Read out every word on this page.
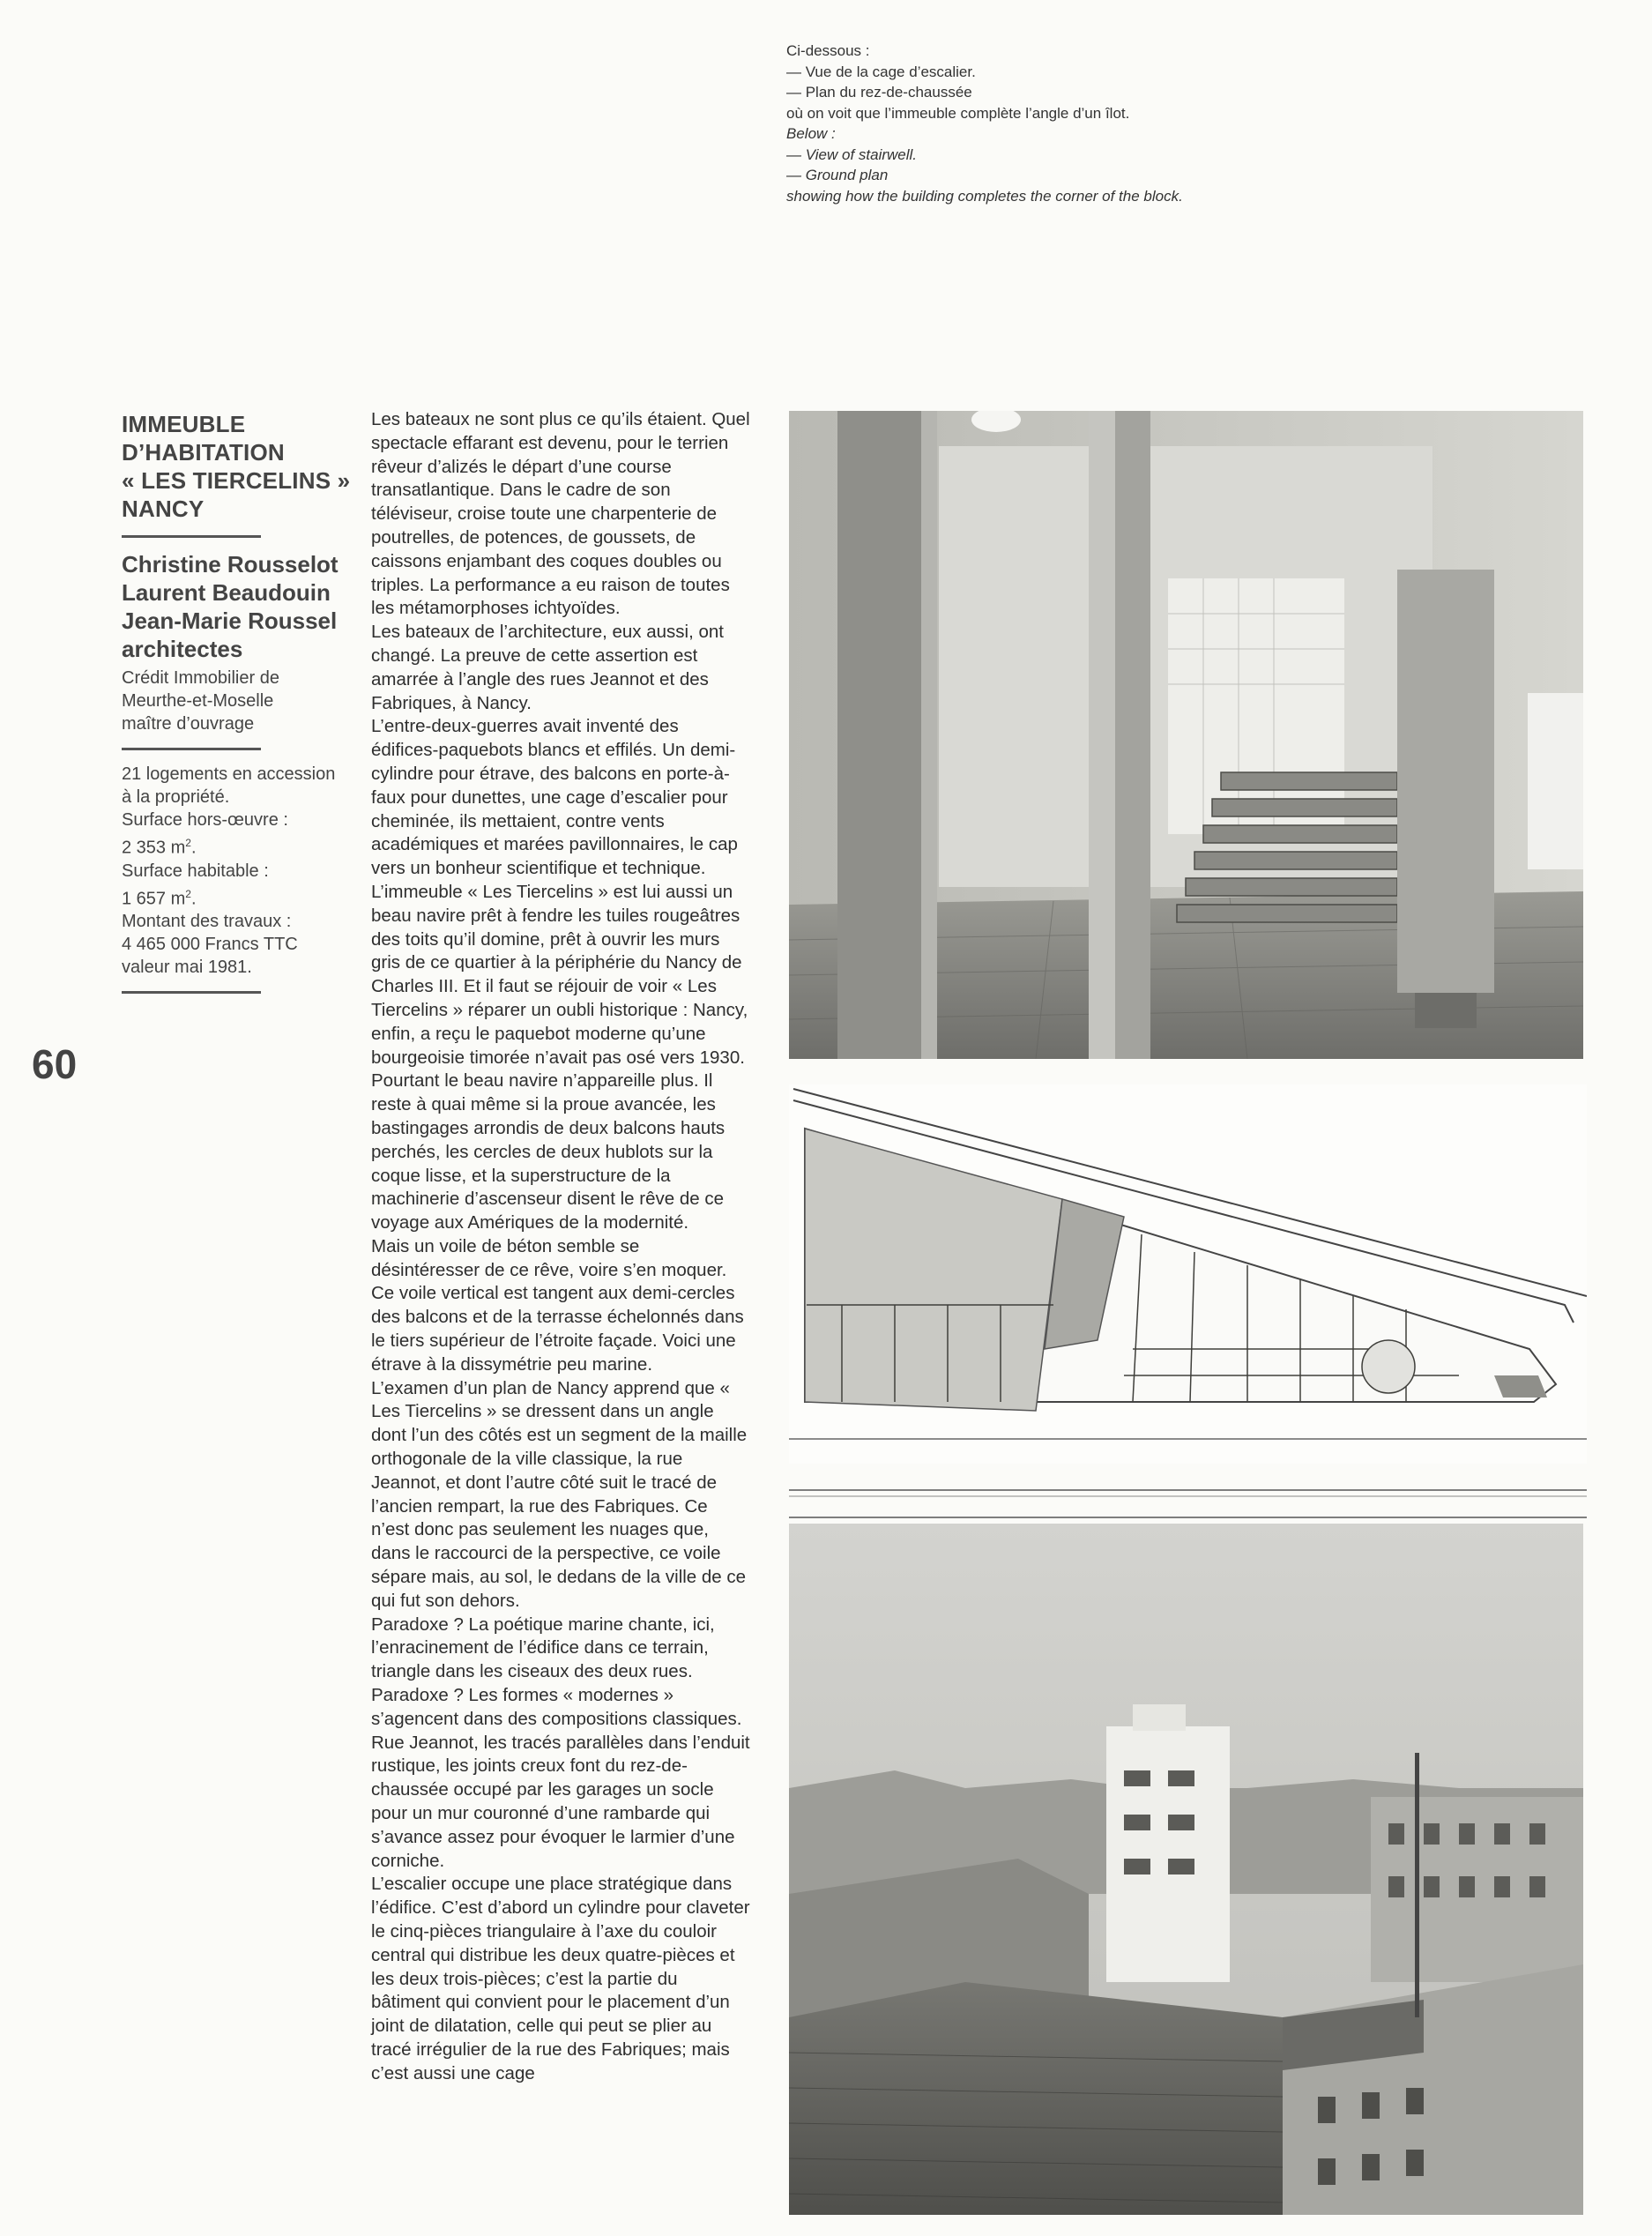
Ci-dessous :
— Vue de la cage d’escalier.
— Plan du rez-de-chaussée
où on voit que l’immeuble complète l’angle d’un îlot.
Below :
— View of stairwell.
— Ground plan
showing how the building completes the corner of the block.
IMMEUBLE
D’HABITATION
« LES TIERCELINS »
NANCY
Christine Rousselot
Laurent Beaudouin
Jean-Marie Roussel
architectes
Crédit Immobilier de
Meurthe-et-Moselle
maître d’ouvrage
21 logements en accession
à la propriété.
Surface hors-œuvre :
2 353 $m^2$.
Surface habitable :
1 657 $m^2$.
Montant des travaux :
4 465 000 Francs TTC
valeur mai 1981.
60

Les bateaux ne sont plus ce qu’ils étaient. Quel spectacle effarant est devenu, pour le terrien rêveur d’alizés le départ d’une course transatlantique. Dans le cadre de son téléviseur, croise toute une charpenterie de poutrelles, de potences, de goussets, de caissons enjambant des coques doubles ou triples. La performance a eu raison de toutes les métamorphoses ichtyoïdes.

Les bateaux de l’architecture, eux aussi, ont changé. La preuve de cette assertion est amarrée à l’angle des rues Jeannot et des Fabriques, à Nancy.

L’entre-deux-guerres avait inventé des édifices-paquebots blancs et effilés. Un demi-cylindre pour étrave, des balcons en porte-à-faux pour dunettes, une cage d’escalier pour cheminée, ils mettaient, contre vents académiques et marées pavillonnaires, le cap vers un bonheur scientifique et technique.

L’immeuble « Les Tiercelins » est lui aussi un beau navire prêt à fendre les tuiles rougeâtres des toits qu’il domine, prêt à ouvrir les murs gris de ce quartier à la périphérie du Nancy de Charles III. Et il faut se réjouir de voir « Les Tiercelins » réparer un oubli historique : Nancy, enfin, a reçu le paquebot moderne qu’une bourgeoisie timorée n’avait pas osé vers 1930.

Pourtant le beau navire n’appareille plus. Il reste à quai même si la proue avancée, les bastingages arrondis de deux balcons hauts perchés, les cercles de deux hublots sur la coque lisse, et la superstructure de la machinerie d’ascenseur disent le rêve de ce voyage aux Amériques de la modernité.

Mais un voile de béton semble se désintéresser de ce rêve, voire s’en moquer. Ce voile vertical est tangent aux demi-cercles des balcons et de la terrasse échelonnés dans le tiers supérieur de l’étroite façade. Voici une étrave à la dissymétrie peu marine.

L’examen d’un plan de Nancy apprend que « Les Tiercelins » se dressent dans un angle dont l’un des côtés est un segment de la maille orthogonale de la ville classique, la rue Jeannot, et dont l’autre côté suit le tracé de l’ancien rempart, la rue des Fabriques. Ce n’est donc pas seulement les nuages que, dans le raccourci de la perspective, ce voile sépare mais, au sol, le dedans de la ville de ce qui fut son dehors.

Paradoxe ? La poétique marine chante, ici, l’enracinement de l’édifice dans ce terrain, triangle dans les ciseaux des deux rues.

Paradoxe ? Les formes « modernes » s’agencent dans des compositions classiques.

Rue Jeannot, les tracés parallèles dans l’enduit rustique, les joints creux font du rez-de-chaussée occupé par les garages un socle pour un mur couronné d’une rambarde qui s’avance assez pour évoquer le larmier d’une corniche.

L’escalier occupe une place stratégique dans l’édifice. C’est d’abord un cylindre pour claveter le cinq-pièces triangulaire à l’axe du couloir central qui distribue les deux quatre-pièces et les deux trois-pièces; c’est la partie du bâtiment qui convient pour le placement d’un joint de dilatation, celle qui peut se plier au tracé irrégulier de la rue des Fabriques; mais c’est aussi une cage
